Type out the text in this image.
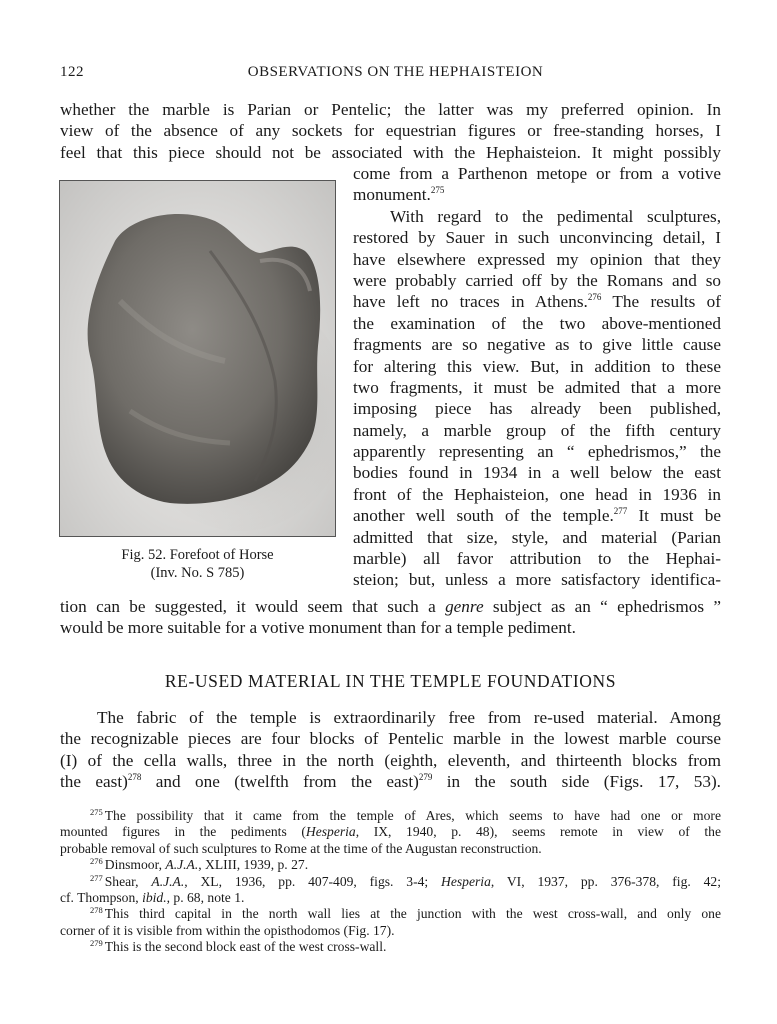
122	OBSERVATIONS ON THE HEPHAISTEION
whether the marble is Parian or Pentelic; the latter was my preferred opinion. In
view of the absence of any sockets for equestrian figures or free-standing horses, I
feel that this piece should not be associated with the Hephaisteion. It might possibly
come from a Parthenon metope or from a votive
monument.$^{275}$
With regard to the pedimental sculptures,
restored by Sauer in such unconvincing detail, I
have elsewhere expressed my opinion that they
were probably carried off by the Romans and so
have left no traces in Athens.$^{276}$ The results of
the examination of the two above-mentioned
fragments are so negative as to give little cause
for altering this view. But, in addition to these
two fragments, it must be admited that a more
imposing piece has already been published,
namely, a marble group of the fifth century
apparently representing an “ ephedrismos,” the
bodies found in 1934 in a well below the east
front of the Hephaisteion, one head in 1936 in
another well south of the temple.$^{277}$ It must be
admitted that size, style, and material (Parian
marble) all favor attribution to the Hephai-
steion; but, unless a more satisfactory identifica-
tion can be suggested, it would seem that such a genre subject as an “ ephedrismos ”
would be more suitable for a votive monument than for a temple pediment.
Fig. 52. Forefoot of Horse
(Inv. No. S 785)
RE-USED MATERIAL IN THE TEMPLE FOUNDATIONS
The fabric of the temple is extraordinarily free from re-used material. Among
the recognizable pieces are four blocks of Pentelic marble in the lowest marble course
(I) of the cella walls, three in the north (eighth, eleventh, and thirteenth blocks from
the east)$^{278}$ and one (twelfth from the east)$^{279}$ in the south side (Figs. 17, 53).
$^{275}$ The possibility that it came from the temple of Ares, which seems to have had one or more
mounted figures in the pediments (Hesperia, IX, 1940, p. 48), seems remote in view of the
probable removal of such sculptures to Rome at the time of the Augustan reconstruction.
$^{276}$ Dinsmoor, A.J.A., XLIII, 1939, p. 27.
$^{277}$ Shear, A.J.A., XL, 1936, pp. 407-409, figs. 3-4; Hesperia, VI, 1937, pp. 376-378, fig. 42;
cf. Thompson, ibid., p. 68, note 1.
$^{278}$ This third capital in the north wall lies at the junction with the west cross-wall, and only one
corner of it is visible from within the opisthodomos (Fig. 17).
$^{279}$ This is the second block east of the west cross-wall.
